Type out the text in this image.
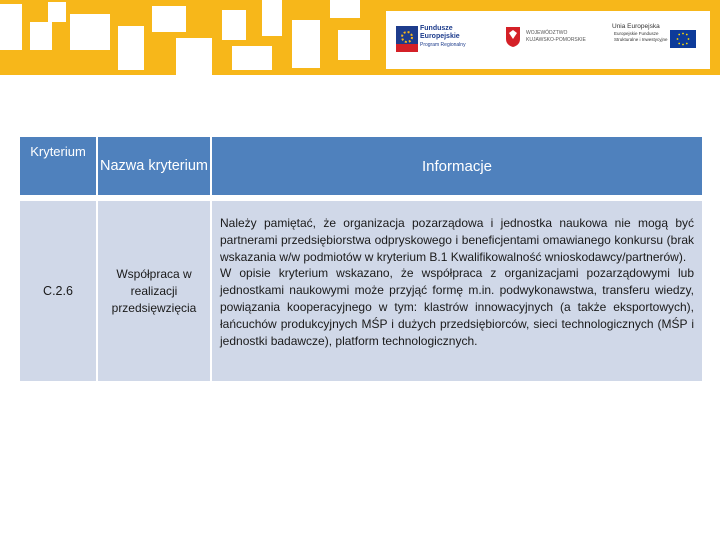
Fundusze
Europejskie
Program Regionalny
WOJEWÓDZTWO
KUJAWSKO-POMORSKIE
Unia Europejska
Europejskie Fundusze
Strukturalne i Inwestycyjne
Kryterium	Nazwa kryterium	Informacje

C.2.6	Współpraca w realizacji przedsięwzięcia	Należy pamiętać, że organizacja pozarządowa i jednostka naukowa nie mogą być partnerami przedsiębiorstwa odpryskowego i beneficjentami omawianego konkursu (brak wskazania w/w podmiotów w kryterium B.1 Kwalifikowalność wnioskodawcy/partnerów).

W opisie kryterium wskazano, że współpraca z organizacjami pozarządowymi lub jednostkami naukowymi może przyjąć formę m.in. podwykonawstwa, transferu wiedzy, powiązania kooperacyjnego w tym: klastrów innowacyjnych (a także eksportowych), łańcuchów produkcyjnych MŚP i dużych przedsiębiorców, sieci technologicznych (MŚP i jednostki badawcze), platform technologicznych.
